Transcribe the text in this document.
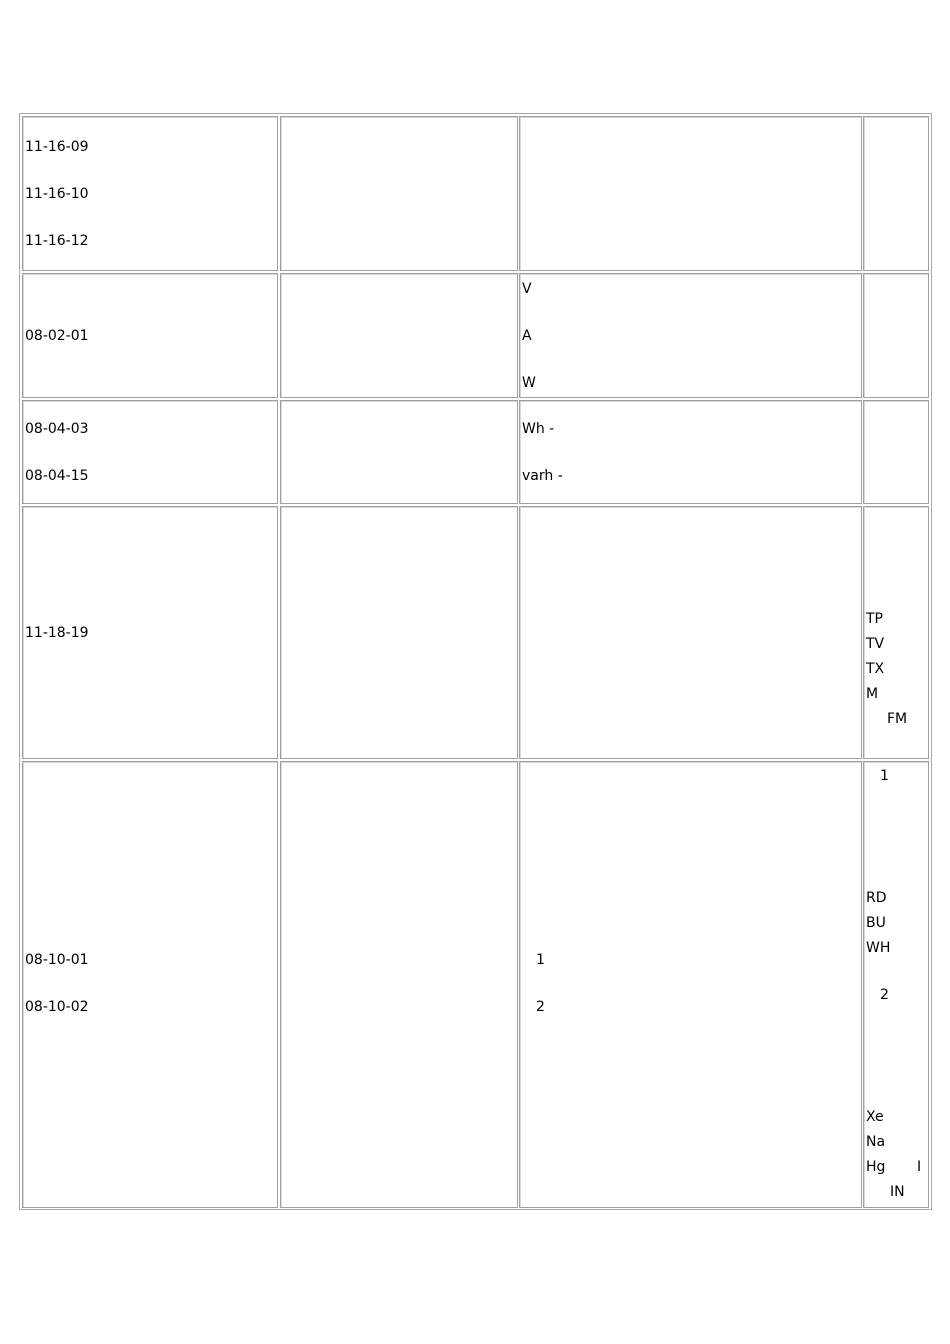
11-16-09
11-16-10
11-16-12
08-02-01
V
A
W
08-04-03
08-04-15
Wh -
varh -
11-18-19
TP
TV
TX
M
FM
08-10-01
08-10-02
1
2
1
RD
BU
WH
2
Xe
Na
Hg I
IN
